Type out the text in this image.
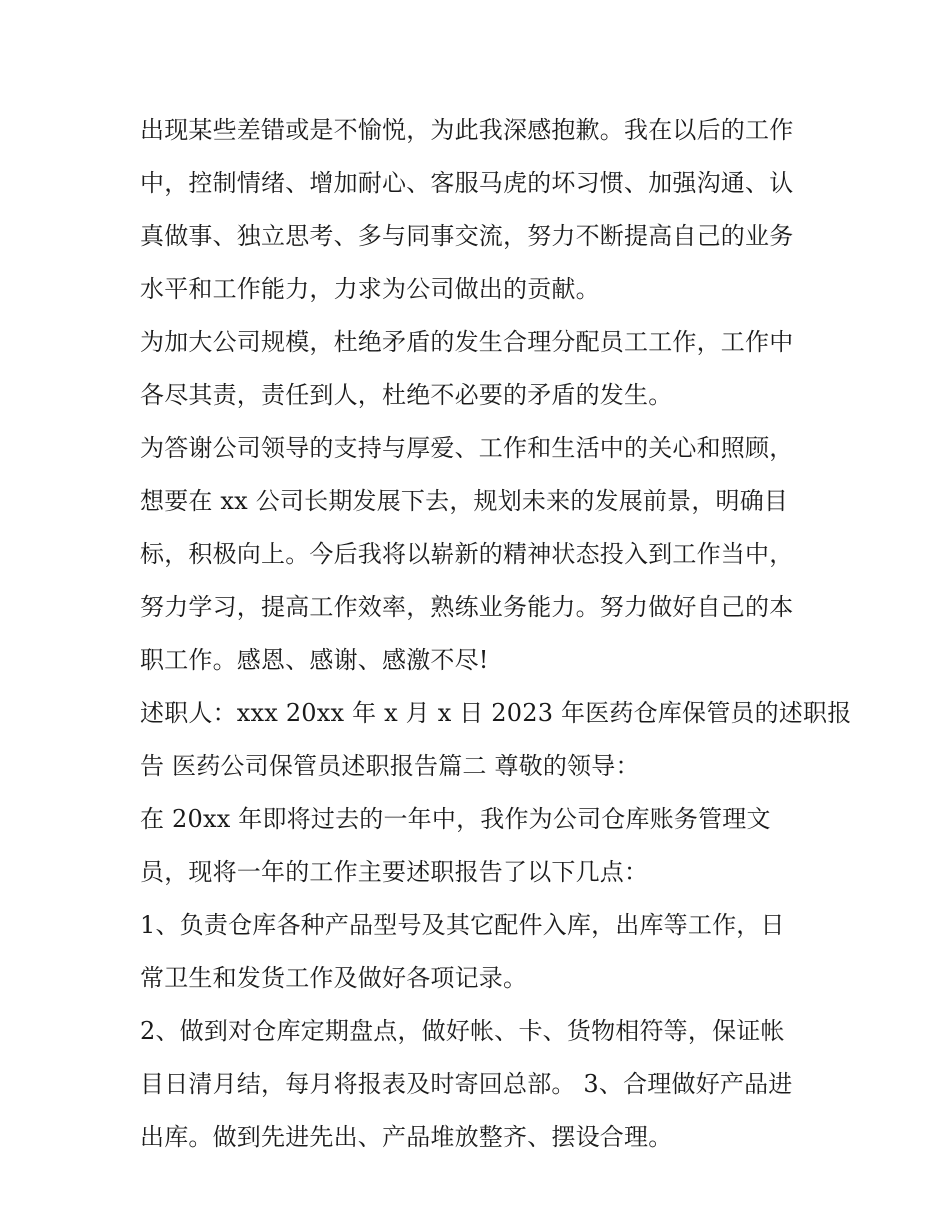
出现某些差错或是不愉悦，为此我深感抱歉。我在以后的工作
中，控制情绪、增加耐心、客服马虎的坏习惯、加强沟通、认
真做事、独立思考、多与同事交流，努力不断提高自己的业务
水平和工作能力，力求为公司做出的贡献。
为加大公司规模，杜绝矛盾的发生合理分配员工工作，工作中
各尽其责，责任到人，杜绝不必要的矛盾的发生。
为答谢公司领导的支持与厚爱、工作和生活中的关心和照顾，
想要在 xx 公司长期发展下去，规划未来的发展前景，明确目
标，积极向上。今后我将以崭新的精神状态投入到工作当中，
努力学习，提高工作效率，熟练业务能力。努力做好自己的本
职工作。感恩、感谢、感激不尽!
述职人：xxx 20xx 年 x 月 x 日 2023 年医药仓库保管员的述职报
告 医药公司保管员述职报告篇二 尊敬的领导：
在 20xx 年即将过去的一年中，我作为公司仓库账务管理文
员，现将一年的工作主要述职报告了以下几点：
1、负责仓库各种产品型号及其它配件入库，出库等工作，日
常卫生和发货工作及做好各项记录。
2、做到对仓库定期盘点，做好帐、卡、货物相符等，保证帐
目日清月结，每月将报表及时寄回总部。 3、合理做好产品进
出库。做到先进先出、产品堆放整齐、摆设合理。
